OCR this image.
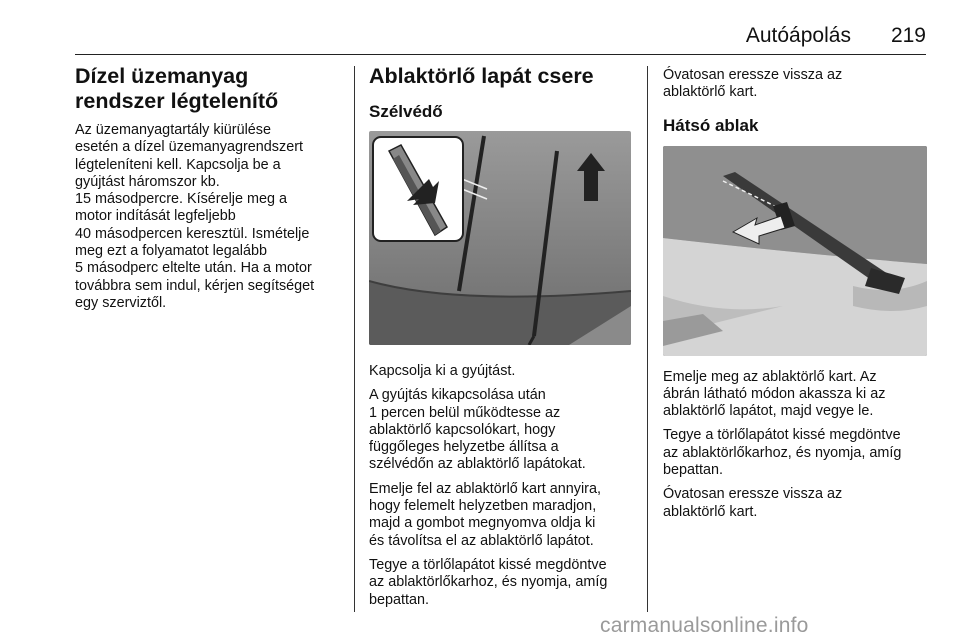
Autóápolás 219
Dízel üzemanyag rendszer légtelenítő

Az üzemanyagtartály kiürülése
esetén a dízel üzemanyagrendszert
légteleníteni kell. Kapcsolja be a
gyújtást háromszor kb.
15 másodpercre. Kísérelje meg a
motor indítását legfeljebb
40 másodpercen keresztül. Ismételje
meg ezt a folyamatot legalább
5 másodperc eltelte után. Ha a motor
továbbra sem indul, kérjen segítséget
egy szerviztől.

Ablaktörlő lapát csere
Szélvédő

Kapcsolja ki a gyújtást.

A gyújtás kikapcsolása után
1 percen belül működtesse az
ablaktörlő kapcsolókart, hogy
függőleges helyzetbe állítsa a
szélvédőn az ablaktörlő lapátokat.

Emelje fel az ablaktörlő kart annyira,
hogy felemelt helyzetben maradjon,
majd a gombot megnyomva oldja ki
és távolítsa el az ablaktörlő lapátot.

Tegye a törlőlapátot kissé megdöntve
az ablaktörlőkarhoz, és nyomja, amíg
bepattan.

Óvatosan eressze vissza az
ablaktörlő kart.

Hátsó ablak

Emelje meg az ablaktörlő kart. Az
ábrán látható módon akassza ki az
ablaktörlő lapátot, majd vegye le.

Tegye a törlőlapátot kissé megdöntve
az ablaktörlőkarhoz, és nyomja, amíg
bepattan.

Óvatosan eressze vissza az
ablaktörlő kart.

carmanualsonline.info
